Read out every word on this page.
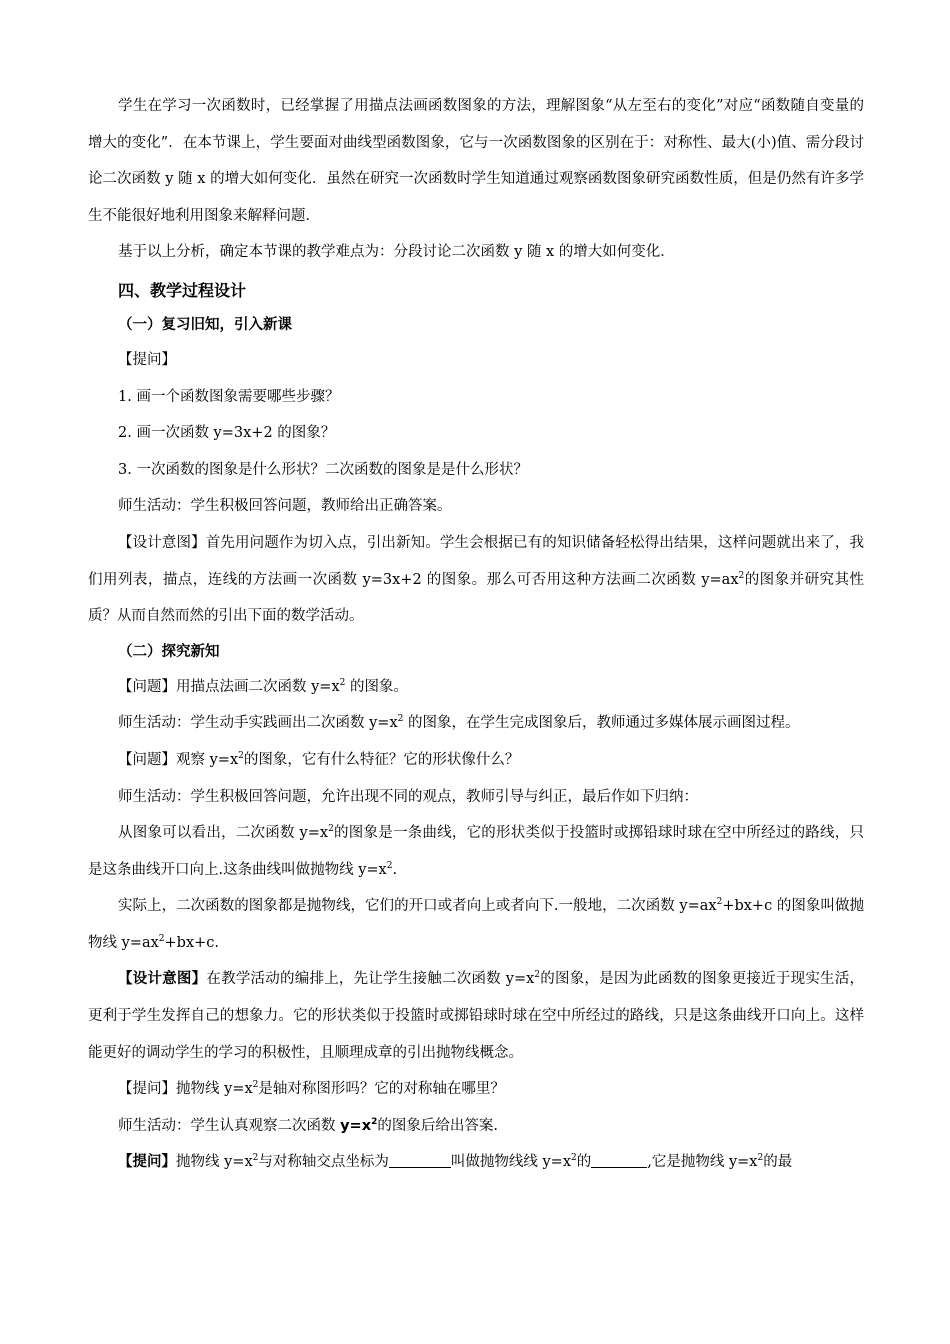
学生在学习一次函数时，已经掌握了用描点法画函数图象的方法，理解图象“从左至右的变化”对应“函数随自变量的增大的变化”．在本节课上，学生要面对曲线型函数图象，它与一次函数图象的区别在于：对称性、最大(小)值、需分段讨论二次函数 y 随 x 的增大如何变化．虽然在研究一次函数时学生知道通过观察函数图象研究函数性质，但是仍然有许多学生不能很好地利用图象来解释问题．

基于以上分析，确定本节课的教学难点为：分段讨论二次函数 y 随 x 的增大如何变化．

四、教学过程设计

（一）复习旧知，引入新课

【提问】

1. 画一个函数图象需要哪些步骤？

2. 画一次函数 y=3x+2 的图象？

3. 一次函数的图象是什么形状？二次函数的图象是是什么形状？

师生活动：学生积极回答问题，教师给出正确答案。

【设计意图】首先用问题作为切入点，引出新知。学生会根据已有的知识储备轻松得出结果，这样问题就出来了，我们用列表，描点，连线的方法画一次函数 y=3x+2 的图象。那么可否用这种方法画二次函数 $y=ax^2$的图象并研究其性质？从而自然而然的引出下面的数学活动。

（二）探究新知

【问题】用描点法画二次函数 $y=x^2$ 的图象。

师生活动：学生动手实践画出二次函数 $y=x^2$ 的图象，在学生完成图象后，教师通过多媒体展示画图过程。

【问题】观察 $y=x^2$的图象，它有什么特征？它的形状像什么？

师生活动：学生积极回答问题，允许出现不同的观点，教师引导与纠正，最后作如下归纳：

从图象可以看出，二次函数 $y=x^2$的图象是一条曲线，它的形状类似于投篮时或掷铅球时球在空中所经过的路线，只是这条曲线开口向上.这条曲线叫做抛物线 $y=x^2$.

实际上，二次函数的图象都是抛物线，它们的开口或者向上或者向下.一般地，二次函数 $y=ax^2+bx+c$ 的图象叫做抛物线 $y=ax^2+bx+c$.

【设计意图】在教学活动的编排上，先让学生接触二次函数 $y=x^2$的图象，是因为此函数的图象更接近于现实生活，更利于学生发挥自己的想象力。它的形状类似于投篮时或掷铅球时球在空中所经过的路线，只是这条曲线开口向上。这样能更好的调动学生的学习的积极性，且顺理成章的引出抛物线概念。

【提问】抛物线 $y=x^2$是轴对称图形吗？它的对称轴在哪里？

师生活动：学生认真观察二次函数 $y=x^2$的图象后给出答案.

【提问】抛物线 $y=x^2$与对称轴交点坐标为	叫做抛物线线 $y=x^2$的	,它是抛物线 $y=x^2$的最
